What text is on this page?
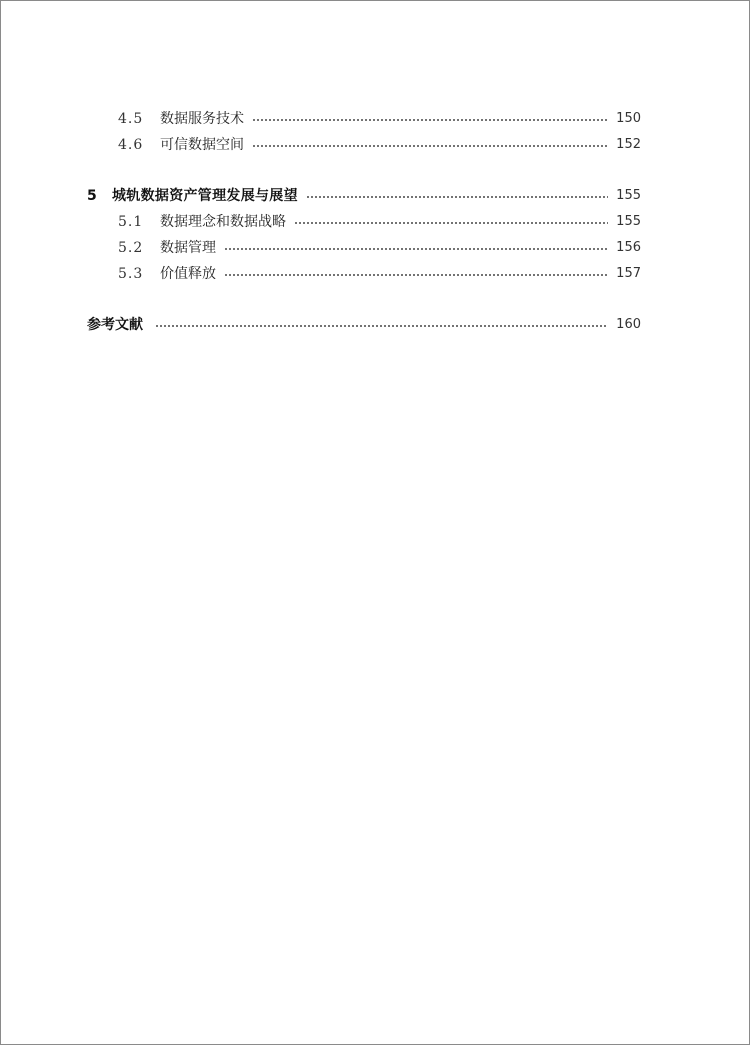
4.5	数据服务技术	150
4.6	可信数据空间	152
5	城轨数据资产管理发展与展望	155
5.1	数据理念和数据战略	155
5.2	数据管理	156
5.3	价值释放	157
参考文献	160
